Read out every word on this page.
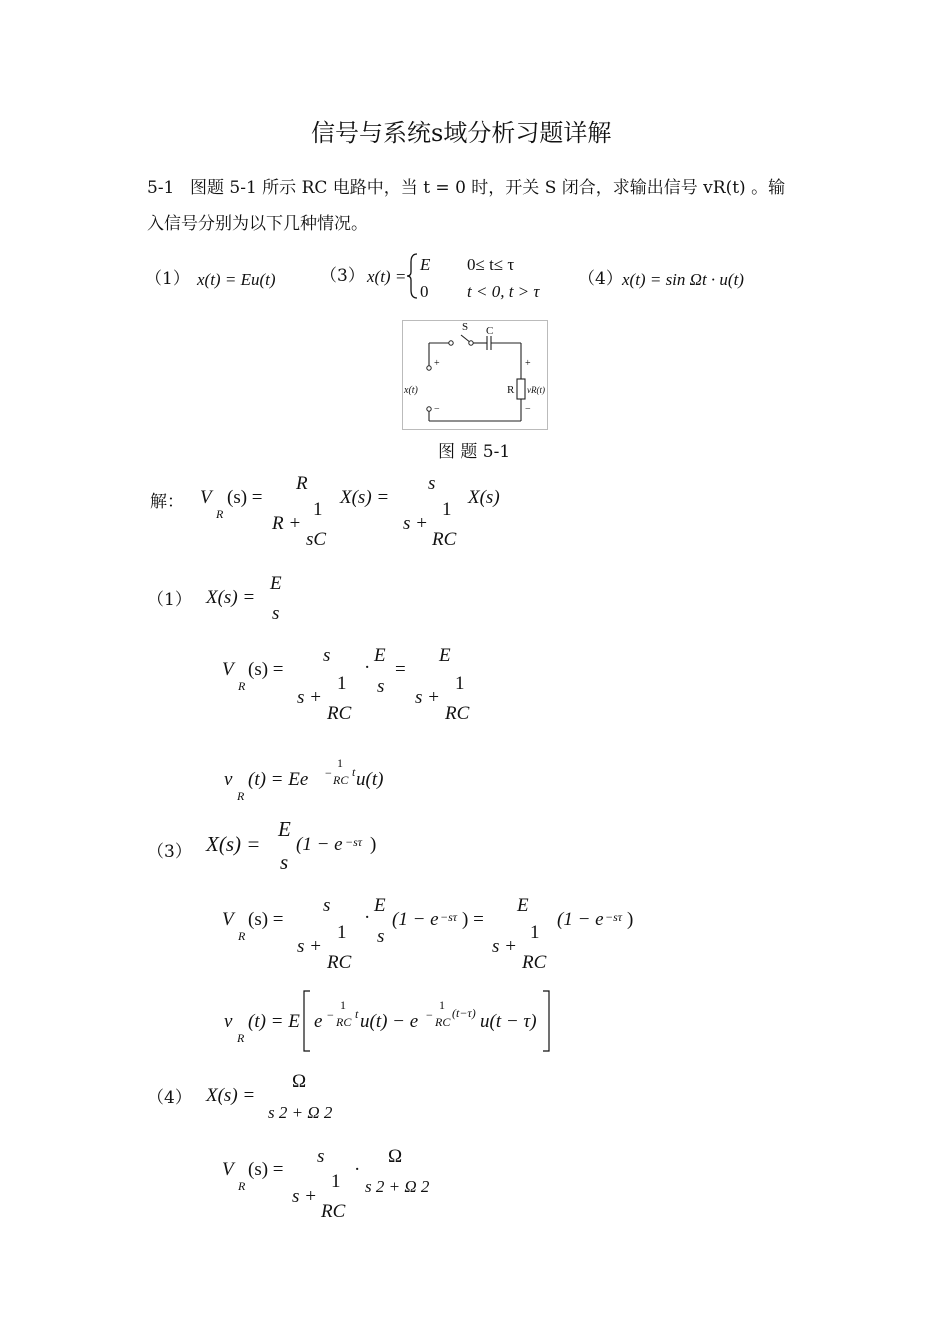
信号与系统s域分析习题详解
5-1 图题 5-1 所示 RC 电路中，当 t = 0 时，开关 S 闭合，求输出信号 vR(t) 。输
入信号分别为以下几种情况。
（1） x(t) = Eu(t)	（3） x(t) =
E 0≤ t≤ τ
0 t < 0, t > τ
（4） x(t) = sin Ωt · u(t)
S C
+
−
x(t)	R
+
−
vR(t)
图 题 5-1
解： V
R
(s) =
R
R +
1
sC
X(s) =
s
s +
1
RC
X(s)
（1） X(s) =
E
s
V
R
(s) =
s
s +
1
RC
·
E
s
=
E
s +
1
RC
v
R
(t) = Ee −
1
RC
t u(t)
（3） X(s) =
E
s
(1 − e −sτ )
V
R
(s) =
s
s +
1
RC
·
E
s
(1 − e −sτ ) =
E
s +
1
RC
(1 − e −sτ )
v
R
(t) = E e −
1
RC
t u(t) − e −
1
RC
(t−τ) u(t − τ)
（4） X(s) =
Ω
s 2 + Ω 2
V
R
(s) =
s
s +
1
RC
·
Ω
s 2 + Ω 2
